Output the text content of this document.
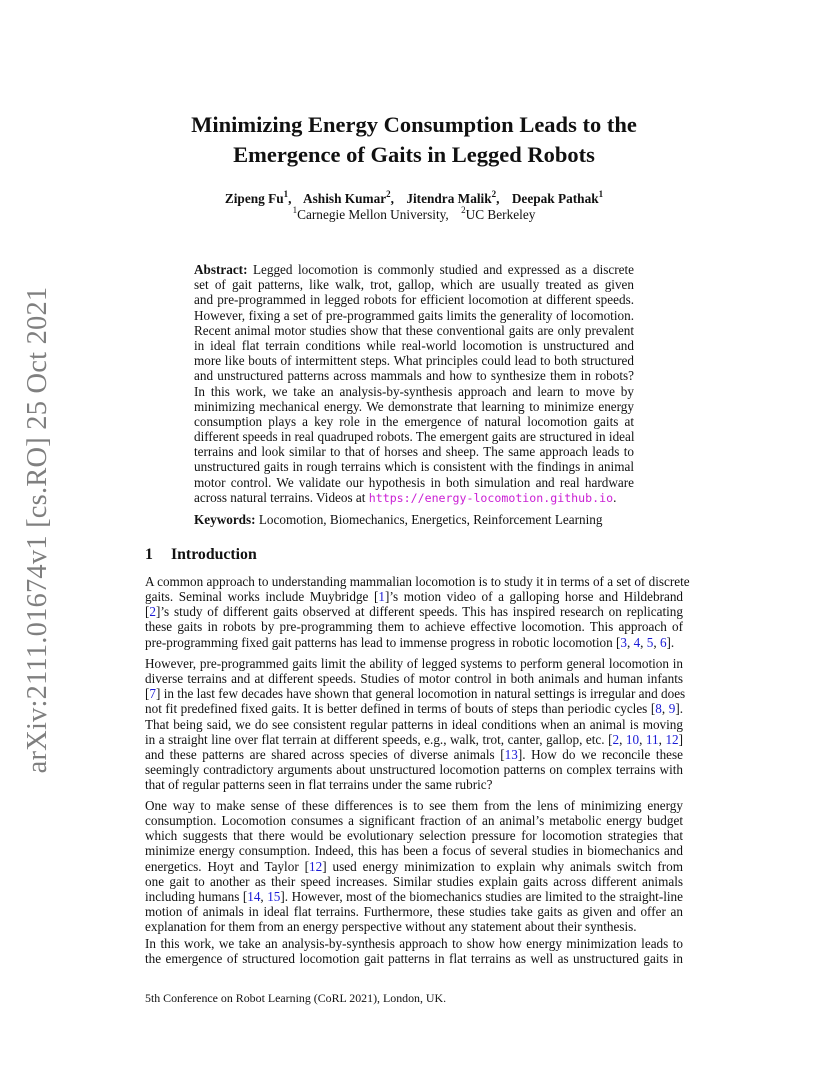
arXiv:2111.01674v1 [cs.RO] 25 Oct 2021
Minimizing Energy Consumption Leads to the
Emergence of Gaits in Legged Robots
Zipeng Fu$^1$, Ashish Kumar$^2$, Jitendra Malik$^2$, Deepak Pathak$^1$
$^1$Carnegie Mellon University, $^2$UC Berkeley
Abstract: Legged locomotion is commonly studied and expressed as a discrete
set of gait patterns, like walk, trot, gallop, which are usually treated as given
and pre-programmed in legged robots for efficient locomotion at different speeds.
However, fixing a set of pre-programmed gaits limits the generality of locomotion.
Recent animal motor studies show that these conventional gaits are only prevalent
in ideal flat terrain conditions while real-world locomotion is unstructured and
more like bouts of intermittent steps. What principles could lead to both structured
and unstructured patterns across mammals and how to synthesize them in robots?
In this work, we take an analysis-by-synthesis approach and learn to move by
minimizing mechanical energy. We demonstrate that learning to minimize energy
consumption plays a key role in the emergence of natural locomotion gaits at
different speeds in real quadruped robots. The emergent gaits are structured in ideal
terrains and look similar to that of horses and sheep. The same approach leads to
unstructured gaits in rough terrains which is consistent with the findings in animal
motor control. We validate our hypothesis in both simulation and real hardware
across natural terrains. Videos at https://energy-locomotion.github.io.
Keywords: Locomotion, Biomechanics, Energetics, Reinforcement Learning
1 Introduction
A common approach to understanding mammalian locomotion is to study it in terms of a set of discrete
gaits. Seminal works include Muybridge [1]’s motion video of a galloping horse and Hildebrand
[2]’s study of different gaits observed at different speeds. This has inspired research on replicating
these gaits in robots by pre-programming them to achieve effective locomotion. This approach of
pre-programming fixed gait patterns has lead to immense progress in robotic locomotion [3, 4, 5, 6].
However, pre-programmed gaits limit the ability of legged systems to perform general locomotion in
diverse terrains and at different speeds. Studies of motor control in both animals and human infants
[7] in the last few decades have shown that general locomotion in natural settings is irregular and does
not fit predefined fixed gaits. It is better defined in terms of bouts of steps than periodic cycles [8, 9].
That being said, we do see consistent regular patterns in ideal conditions when an animal is moving
in a straight line over flat terrain at different speeds, e.g., walk, trot, canter, gallop, etc. [2, 10, 11, 12]
and these patterns are shared across species of diverse animals [13]. How do we reconcile these
seemingly contradictory arguments about unstructured locomotion patterns on complex terrains with
that of regular patterns seen in flat terrains under the same rubric?
One way to make sense of these differences is to see them from the lens of minimizing energy
consumption. Locomotion consumes a significant fraction of an animal’s metabolic energy budget
which suggests that there would be evolutionary selection pressure for locomotion strategies that
minimize energy consumption. Indeed, this has been a focus of several studies in biomechanics and
energetics. Hoyt and Taylor [12] used energy minimization to explain why animals switch from
one gait to another as their speed increases. Similar studies explain gaits across different animals
including humans [14, 15]. However, most of the biomechanics studies are limited to the straight-line
motion of animals in ideal flat terrains. Furthermore, these studies take gaits as given and offer an
explanation for them from an energy perspective without any statement about their synthesis.
In this work, we take an analysis-by-synthesis approach to show how energy minimization leads to
the emergence of structured locomotion gait patterns in flat terrains as well as unstructured gaits in
5th Conference on Robot Learning (CoRL 2021), London, UK.
